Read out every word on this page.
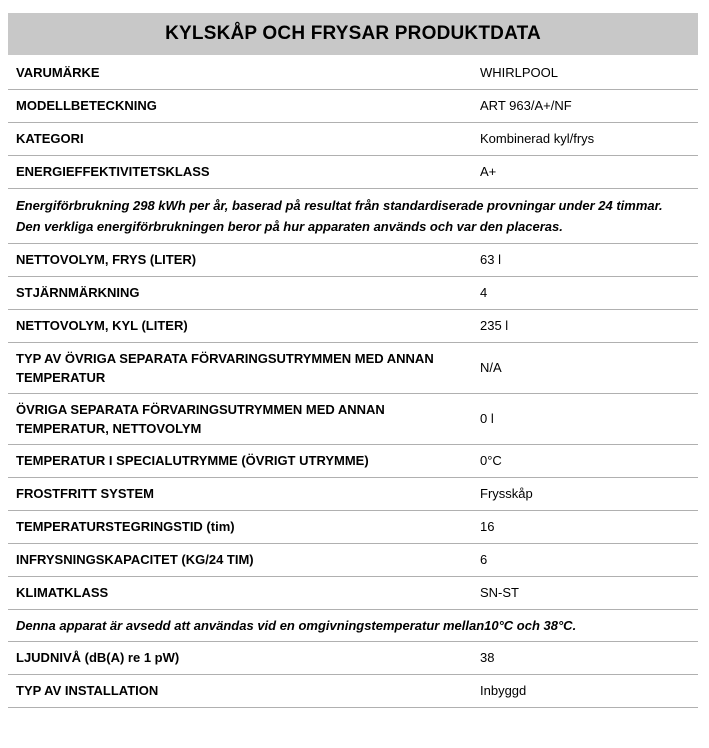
KYLSKÅP OCH FRYSAR PRODUKTDATA
VARUMÄRKE	WHIRLPOOL
MODELLBETECKNING	ART 963/A+/NF
KATEGORI	Kombinerad kyl/frys
ENERGIEFFEKTIVITETSKLASS	A+
Energiförbrukning 298 kWh per år, baserad på resultat från standardiserade provningar under 24 timmar. Den verkliga energiförbrukningen beror på hur apparaten används och var den placeras.	
NETTOVOLYM, FRYS (LITER)	63 l
STJÄRNMÄRKNING	4
NETTOVOLYM, KYL (LITER)	235 l
TYP AV ÖVRIGA SEPARATA FÖRVARINGSUTRYMMEN MED ANNAN TEMPERATUR	N/A
ÖVRIGA SEPARATA FÖRVARINGSUTRYMMEN MED ANNAN TEMPERATUR, NETTOVOLYM	0 l
TEMPERATUR I SPECIALUTRYMME (ÖVRIGT UTRYMME)	0°C
FROSTFRITT SYSTEM	Frysskåp
TEMPERATURSTEGRINGSTID (tim)	16
INFRYSNINGSKAPACITET (KG/24 TIM)	6
KLIMATKLASS	SN-ST
Denna apparat är avsedd att användas vid en omgivningstemperatur mellan10°C och 38°C.	
LJUDNIVÅ (dB(A) re 1 pW)	38
TYP AV INSTALLATION	Inbyggd
